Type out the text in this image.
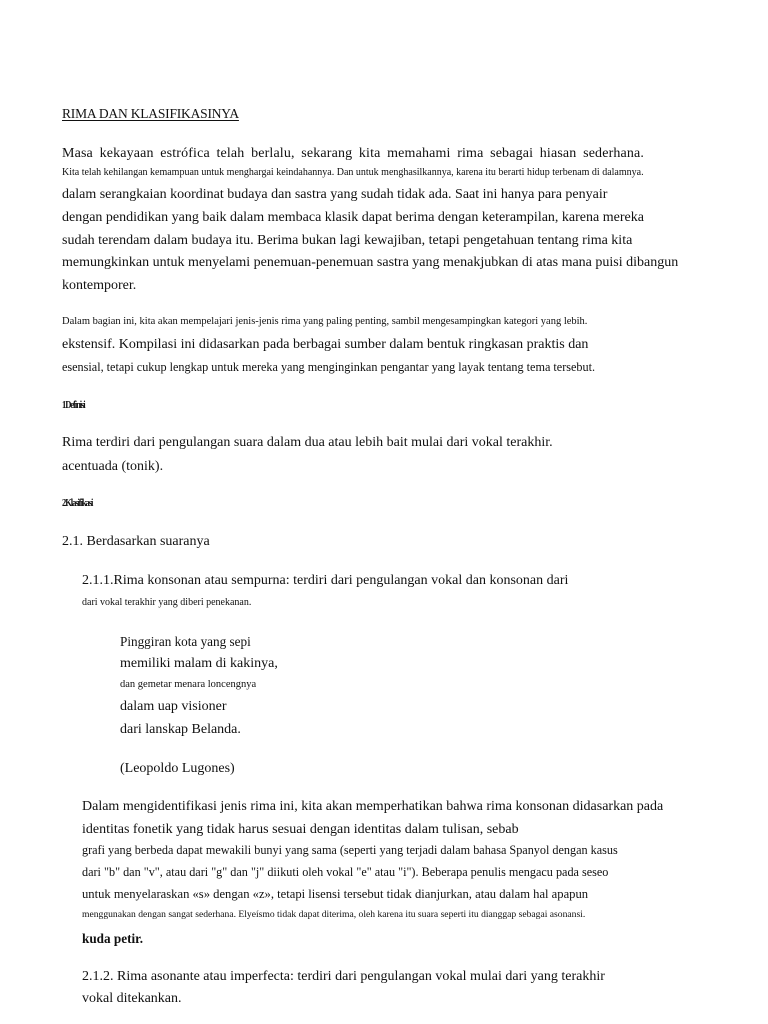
RIMA DAN KLASIFIKASINYA
Masa kekayaan estrófica telah berlalu, sekarang kita memahami rima sebagai hiasan sederhana.
Kita telah kehilangan kemampuan untuk menghargai keindahannya. Dan untuk menghasilkannya, karena itu berarti hidup terbenam di dalamnya.
dalam serangkaian koordinat budaya dan sastra yang sudah tidak ada. Saat ini hanya para penyair
dengan pendidikan yang baik dalam membaca klasik dapat berima dengan keterampilan, karena mereka
sudah terendam dalam budaya itu. Berima bukan lagi kewajiban, tetapi pengetahuan tentang rima kita
memungkinkan untuk menyelami penemuan-penemuan sastra yang menakjubkan di atas mana puisi dibangun
kontemporer.
Dalam bagian ini, kita akan mempelajari jenis-jenis rima yang paling penting, sambil mengesampingkan kategori yang lebih.
ekstensif. Kompilasi ini didasarkan pada berbagai sumber dalam bentuk ringkasan praktis dan
esensial, tetapi cukup lengkap untuk mereka yang menginginkan pengantar yang layak tentang tema tersebut.
1Definisi
Rima terdiri dari pengulangan suara dalam dua atau lebih bait mulai dari vokal terakhir.
acentuada (tonik).
2Klasifikasi
2.1. Berdasarkan suaranya
2.1.1.Rima konsonan atau sempurna: terdiri dari pengulangan vokal dan konsonan dari
dari vokal terakhir yang diberi penekanan.
Pinggiran kota yang sepi
memiliki malam di kakinya,
dan gemetar menara loncengnya
dalam uap visioner
dari lanskap Belanda.
(Leopoldo Lugones)
Dalam mengidentifikasi jenis rima ini, kita akan memperhatikan bahwa rima konsonan didasarkan pada
identitas fonetik yang tidak harus sesuai dengan identitas dalam tulisan, sebab
grafi yang berbeda dapat mewakili bunyi yang sama (seperti yang terjadi dalam bahasa Spanyol dengan kasus
dari "b" dan "v", atau dari "g" dan "j" diikuti oleh vokal "e" atau "i"). Beberapa penulis mengacu pada seseo
untuk menyelaraskan «s» dengan «z», tetapi lisensi tersebut tidak dianjurkan, atau dalam hal apapun
menggunakan dengan sangat sederhana. Elyeísmo tidak dapat diterima, oleh karena itu suara seperti itu dianggap sebagai asonansi.
kuda petir.
2.1.2. Rima asonante atau imperfecta: terdiri dari pengulangan vokal mulai dari yang terakhir
vokal ditekankan.
